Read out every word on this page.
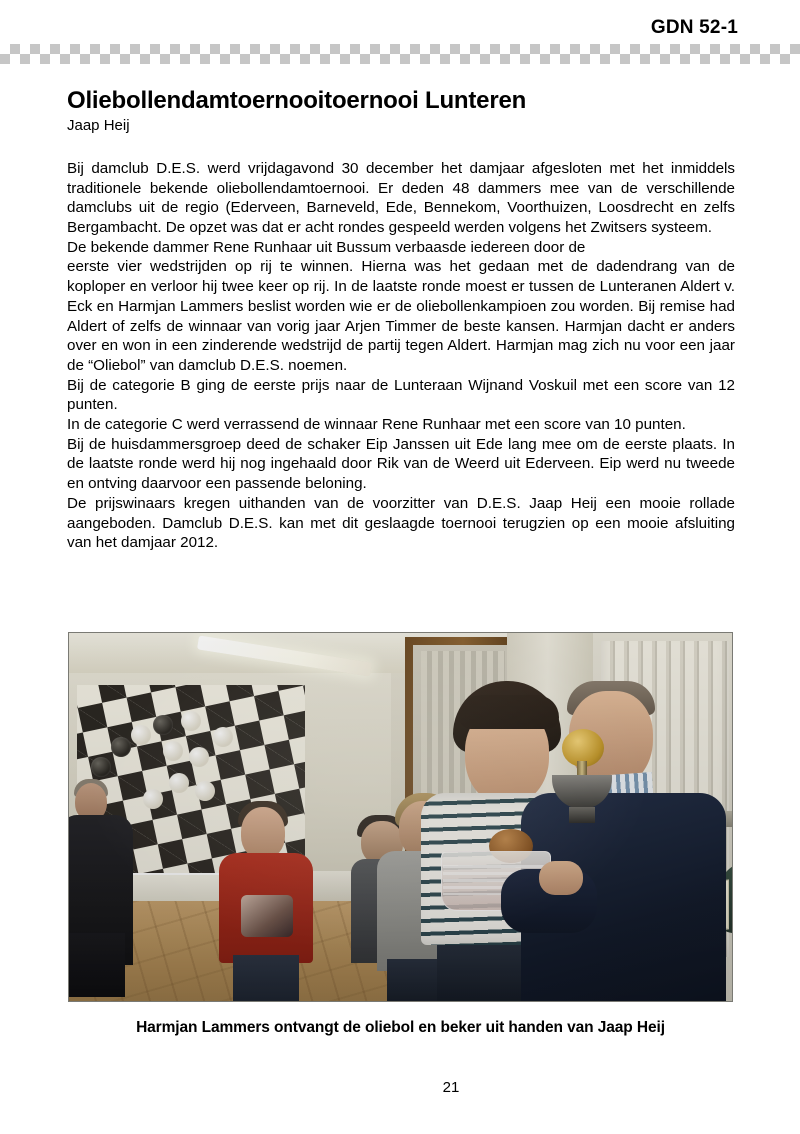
GDN 52-1
Oliebollendamtoernooitoernooi Lunteren
Jaap Heij

Bij damclub D.E.S. werd vrijdagavond 30 december het damjaar afgesloten met het inmiddels traditionele bekende oliebollendamtoernooi. Er deden 48 dammers mee van de verschillende damclubs uit de regio (Ederveen, Barneveld, Ede, Bennekom, Voorthuizen, Loosdrecht en zelfs Bergambacht. De opzet was dat er acht rondes gespeeld werden volgens het Zwitsers systeem.

De bekende dammer Rene Runhaar uit Bussum verbaasde iedereen door de

eerste vier wedstrijden op rij te winnen. Hierna was het gedaan met de dadendrang van de koploper en verloor hij twee keer op rij. In de laatste ronde moest er tussen de Lunteranen Aldert v. Eck en Harmjan Lammers beslist worden wie er de oliebollenkampioen zou worden. Bij remise had Aldert of zelfs de winnaar van vorig jaar Arjen Timmer de beste kansen. Harmjan dacht er anders over en won in een zinderende wedstrijd de partij tegen Aldert. Harmjan mag zich nu voor een jaar de “Oliebol” van damclub D.E.S. noemen.

Bij de categorie B ging de eerste prijs naar de Lunteraan Wijnand Voskuil met een score van 12 punten.

In de categorie C werd verrassend de winnaar Rene Runhaar met een score van 10 punten.

Bij de huisdammersgroep deed de schaker Eip Janssen uit Ede lang mee om de eerste plaats. In de laatste ronde werd hij nog ingehaald door Rik van de Weerd uit Ederveen. Eip werd nu tweede en ontving daarvoor een passende beloning.

De prijswinaars kregen uithanden van de voorzitter van D.E.S. Jaap Heij een mooie rollade aangeboden. Damclub D.E.S. kan met dit geslaagde toernooi terugzien op een mooie afsluiting van het damjaar 2012.

Harmjan Lammers ontvangt de oliebol en beker uit handen van Jaap Heij
21
